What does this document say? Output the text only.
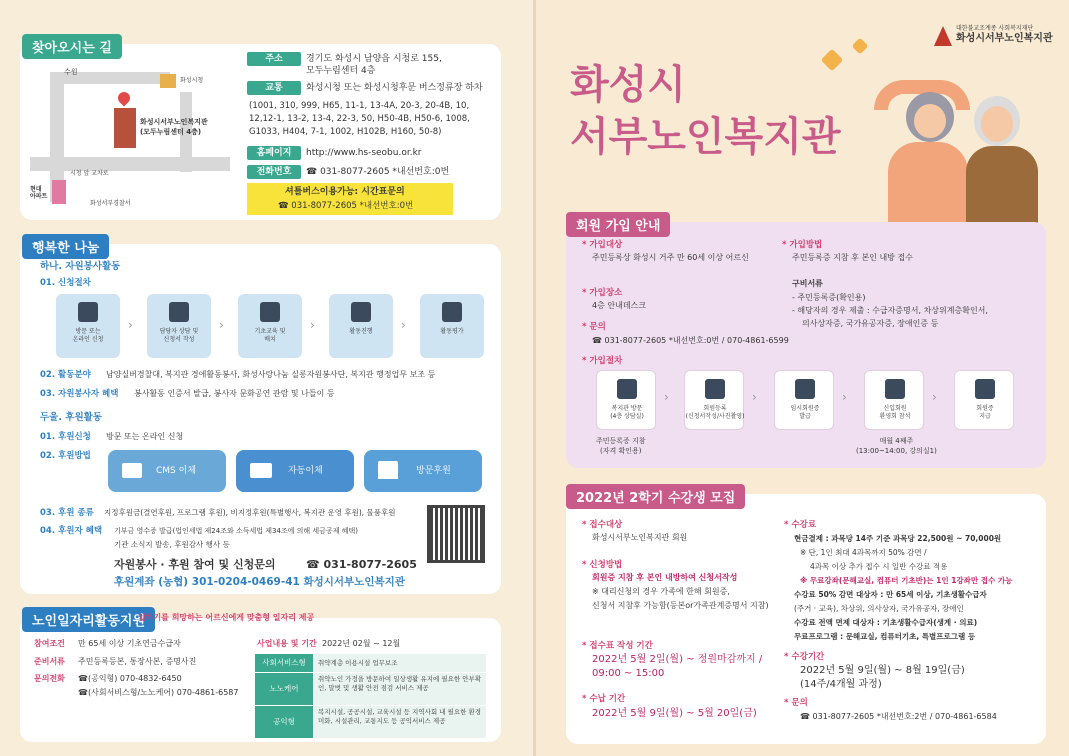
찾아오시는 길
수원
화성시청
화성시서부노인복지관
(모두누림센터 4층)
시청 앞 교차로
현대
아파트
화성서부경찰서
주소	경기도 화성시 남양읍 시청로 155,
모두누림센터 4층
교통	화성시청 또는 화성시청후문 버스정류장 하차
(1001, 310, 999, H65, 11-1, 13-4A, 20-3, 20-4B, 10,
12,12-1, 13-2, 13-4, 22-3, 50, H50-4B, H50-6, 1008,
G1033, H404, 7-1, 1002, H102B, H160, 50-8)
홈페이지	http://www.hs-seobu.or.kr
전화번호	☎ 031-8077-2605 *내선번호:0번
셔틀버스이용가능: 시간표문의
☎ 031-8077-2605 *내선번호:0번
행복한 나눔
하나. 자원봉사활동
01. 신청절차
방문 또는
온라인 신청
›	담당자 상담 및
신청서 작성
›	기초교육 및
배치
›	활동진행	›	활동평가
02. 활동분야 남양실버경찰대, 복지관 경애활동봉사, 화성사랑나눔 실롱자원봉사단, 복지관 행정업무 보조 등
03. 자원봉사자 혜택 봉사활동 인증서 발급, 봉사자 문화공연 관람 및 나들이 등
두울. 후원활동
01. 후원신청 방문 또는 온라인 신청
02. 후원방법
CMS 이체	자동이체	방문후원
03. 후원 종류 지정후원금(결연후원, 프로그램 후원), 비지정후원(특별행사, 복지관 운영 후원), 물품후원
04. 후원자 혜택 기부금 영수증 발급(법인세법 제24조와 소득세법 제34조에 의해 세금공제 혜택)
기관 소식지 발송, 후원감사 행사 등
자원봉사 · 후원 참여 및 신청문의	☎ 031-8077-2605
후원계좌 (농협) 301-0204-0469-41 화성시서부노인복지관
노인일자리활동지원
일하기를 희망하는 어르신에게 맞춤형 일자리 제공
참여조건 만 65세 이상 기초연금수급자
준비서류 주민등록등본, 통장사본, 증명사진
문의전화 ☎(공익형) 070-4832-6450
☎(사회서비스형/노노케어) 070-4861-6587
사업내용 및 기간 2022년 02월 ~ 12월
사회서비스형	취약계층 이용시설 업무보조
노노케어
취약노인 가정을 방문하여 일상생활 유지에 필요한 안부확인, 말벗 및 생활 안전 점검 서비스 제공
공익형
복지시설, 공공시설, 교육시설 등 지역사회 내 필요한 환경미화, 시설관리, 교통지도 등 공익서비스 제공
대한불교조계종 사회복지재단
화성시서부노인복지관
화성시
서부노인복지관
회원 가입 안내
* 가입대상
주민등록상 화성시 거주 만 60세 이상 어르신
* 가입장소
4층 안내데스크
* 문의
☎ 031-8077-2605 *내선번호:0번 / 070-4861-6599
* 가입방법
주민등록증 지참 후 본인 내방 접수
구비서류
- 주민등록증(확인용)
- 해당자의 경우 제출 : 수급자증명서, 차상위계층확인서,
의사상자증, 국가유공자증, 장애인증 등
* 가입절차
복지관 방문
(4층 상담실)
›
회원등록
(신청서작성/사진촬영)
›
임시회원증
발급
›
신입회원
환영회 참석
›
회원증
지급
주민등록증 지참
(자격 확인용)
매월 4째주
(13:00~14:00, 강의실1)
2022년 2학기 수강생 모집
* 접수대상
화성시서부노인복지관 회원
* 신청방법
회원증 지참 후 본인 내방하여 신청서작성
※ 대리신청의 경우 가족에 한해 회원증,
신청서 지참후 가능함(등본or가족관계증명서 지참)
* 접수표 작성 기간
2022년 5월 2일(월) ~ 정원마감까지 /
09:00 ~ 15:00
* 수납 기간
2022년 5월 9일(월) ~ 5월 20일(금)
* 수강료
현금결제 : 과목당 14주 기준 과목당 22,500원 ~ 70,000원
※ 단, 1인 최대 4과목까지 50% 감면 /
4과목 이상 추가 접수 시 일반 수강료 적용
※ 무료강좌(문해교실, 컴퓨터 기초반)는 1인 1강좌만 접수 가능
수강료 50% 감면 대상자 : 만 65세 이상, 기초생활수급자
(주거 · 교육), 차상위, 의사상자, 국가유공자, 장애인
수강료 전액 면제 대상자 : 기초생활수급자(생계 · 의료)
무료프로그램 : 문해교실, 컴퓨터기초, 특별프로그램 등
* 수강기간
2022년 5월 9일(월) ~ 8월 19일(금)
(14주/4개월 과정)
* 문의
☎ 031-8077-2605 *내선번호:2번 / 070-4861-6584
